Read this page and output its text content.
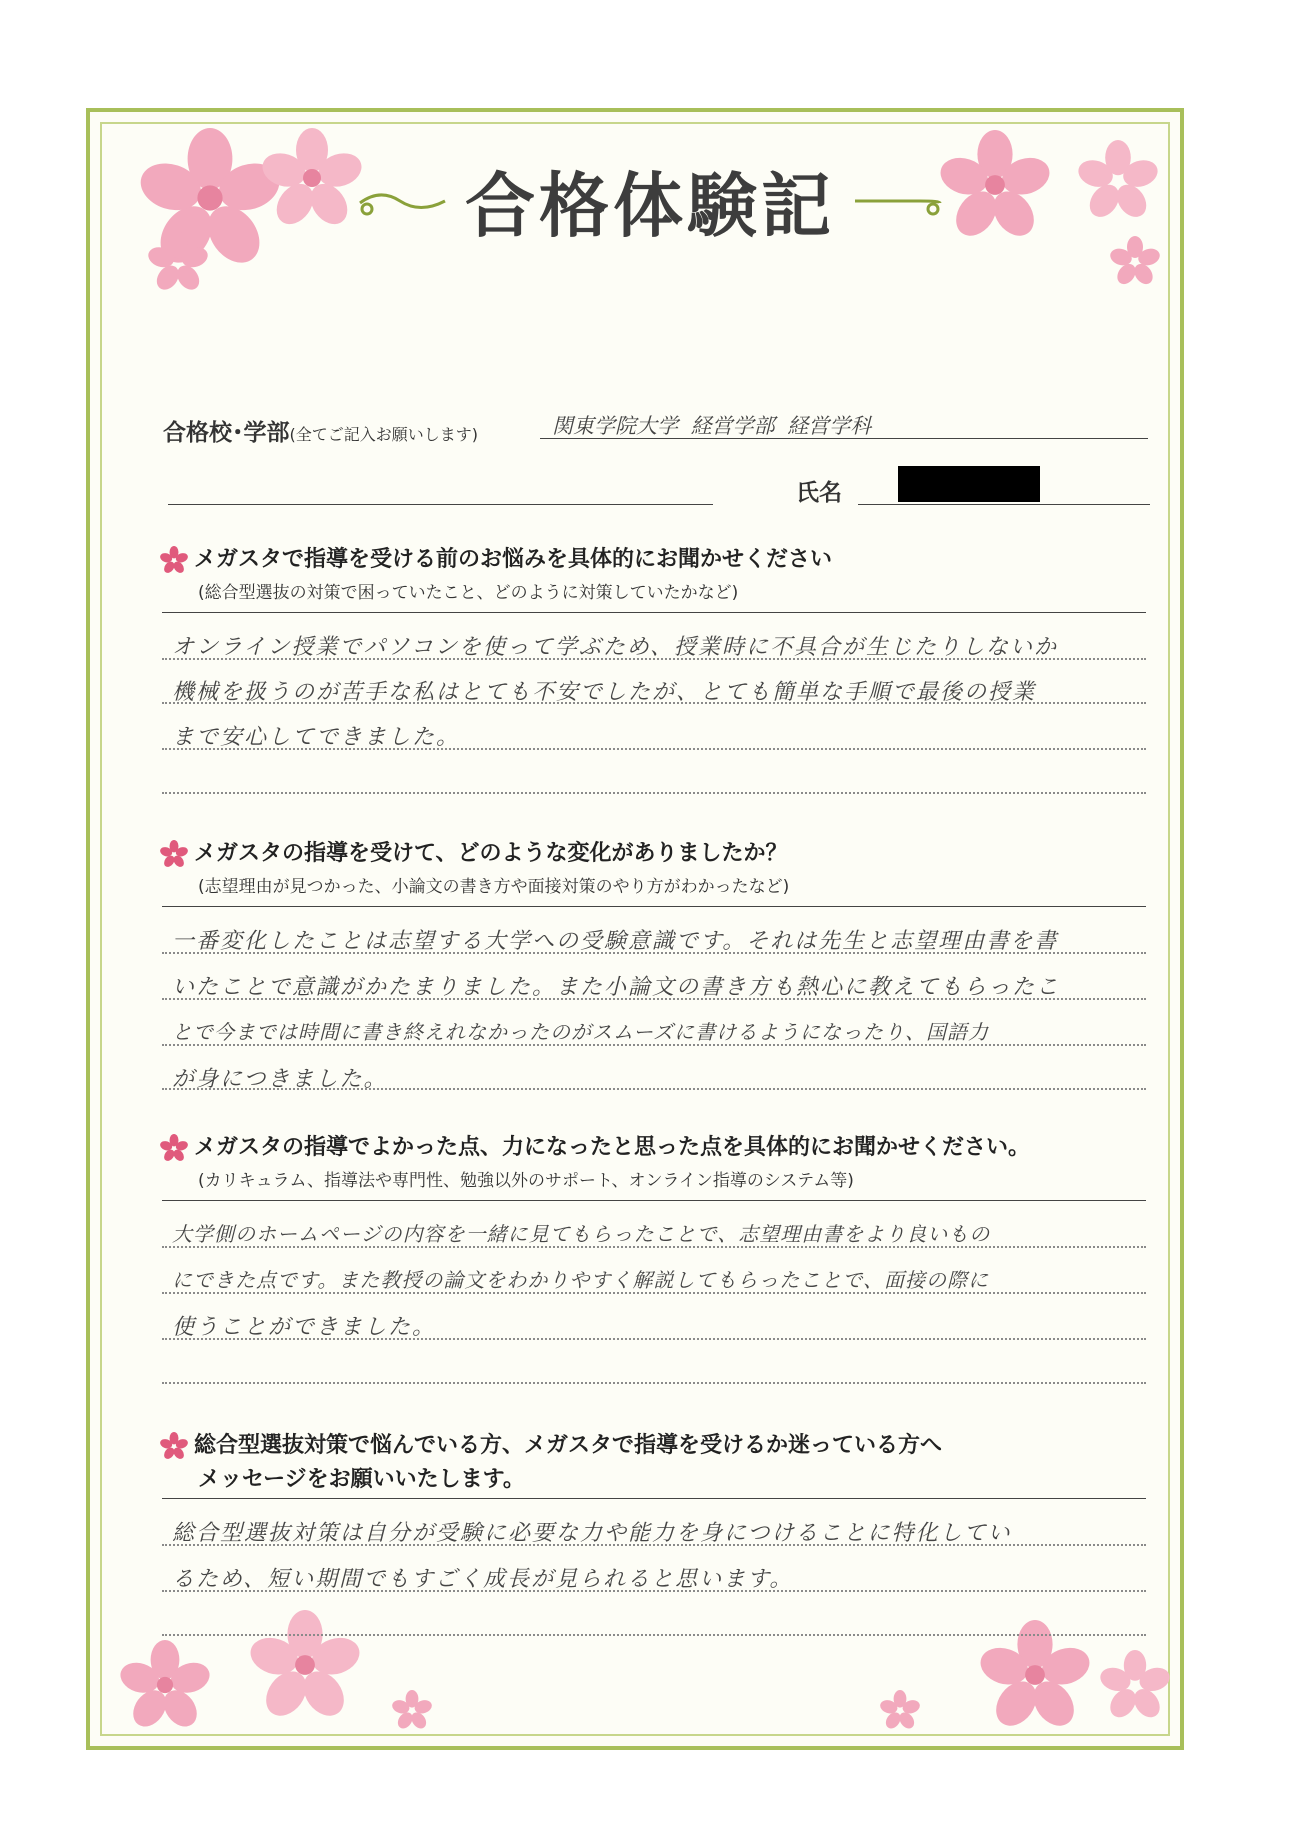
合格体験記
合格校･学部(全てご記入お願いします)	関東学院大学 経営学部 経営学科
氏名
メガスタで指導を受ける前のお悩みを具体的にお聞かせください
(総合型選抜の対策で困っていたこと、どのように対策していたかなど)
オンライン授業でパソコンを使って学ぶため、授業時に不具合が生じたりしないか
機械を扱うのが苦手な私はとても不安でしたが、とても簡単な手順で最後の授業
まで安心してできました。
メガスタの指導を受けて、どのような変化がありましたか？
(志望理由が見つかった、小論文の書き方や面接対策のやり方がわかったなど)
一番変化したことは志望する大学への受験意識です。それは先生と志望理由書を書
いたことで意識がかたまりました。また小論文の書き方も熱心に教えてもらったこ
とで今までは時間に書き終えれなかったのがスムーズに書けるようになったり、国語力
が身につきました。
メガスタの指導でよかった点、力になったと思った点を具体的にお聞かせください。
(カリキュラム、指導法や専門性、勉強以外のサポート、オンライン指導のシステム等)
大学側のホームページの内容を一緒に見てもらったことで、志望理由書をより良いもの
にできた点です。また教授の論文をわかりやすく解説してもらったことで、面接の際に
使うことができました。
総合型選抜対策で悩んでいる方、メガスタで指導を受けるか迷っている方へ
メッセージをお願いいたします。
総合型選抜対策は自分が受験に必要な力や能力を身につけることに特化してい
るため、短い期間でもすごく成長が見られると思います。
